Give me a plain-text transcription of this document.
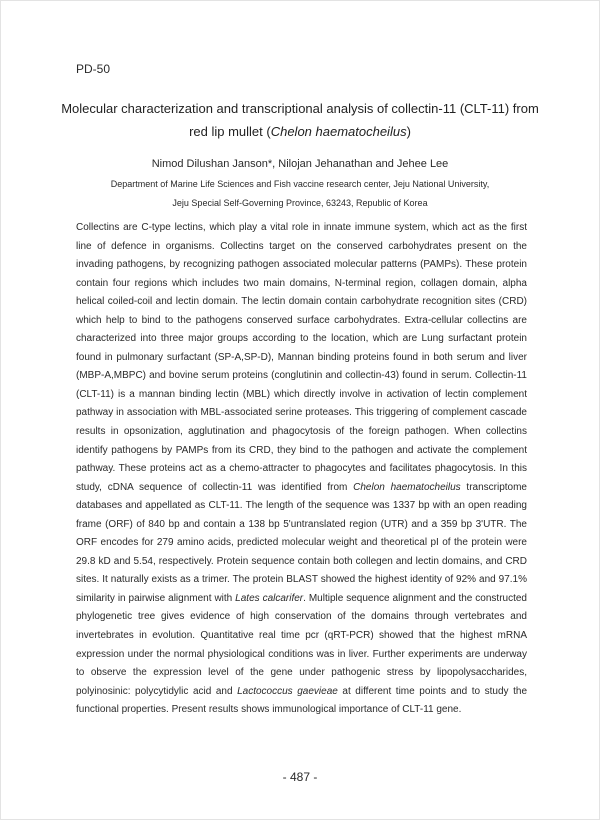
PD-50
Molecular characterization and transcriptional analysis of collectin-11 (CLT-11) from
red lip mullet (Chelon haematocheilus)
Nimod Dilushan Janson*, Nilojan Jehanathan and Jehee Lee
Department of Marine Life Sciences and Fish vaccine research center, Jeju National University,
Jeju Special Self-Governing Province, 63243, Republic of Korea
Collectins are C-type lectins, which play a vital role in innate immune system, which act as the first line of defence in organisms. Collectins target on the conserved carbohydrates present on the invading pathogens, by recognizing pathogen associated molecular patterns (PAMPs). These protein contain four regions which includes two main domains, N-terminal region, collagen domain, alpha helical coiled-coil and lectin domain. The lectin domain contain carbohydrate recognition sites (CRD) which help to bind to the pathogens conserved surface carbohydrates. Extra-cellular collectins are characterized into three major groups according to the location, which are Lung surfactant protein found in pulmonary surfactant (SP-A,SP-D), Mannan binding proteins found in both serum and liver (MBP-A,MBPC) and bovine serum proteins (conglutinin and collectin-43) found in serum. Collectin-11 (CLT-11) is a mannan binding lectin (MBL) which directly involve in activation of lectin complement pathway in association with MBL-associated serine proteases. This triggering of complement cascade results in opsonization, agglutination and phagocytosis of the foreign pathogen. When collectins identify pathogens by PAMPs from its CRD, they bind to the pathogen and activate the complement pathway. These proteins act as a chemo-attracter to phagocytes and facilitates phagocytosis. In this study, cDNA sequence of collectin-11 was identified from Chelon haematocheilus transcriptome databases and appellated as CLT-11. The length of the sequence was 1337 bp with an open reading frame (ORF) of 840 bp and contain a 138 bp 5'untranslated region (UTR) and a 359 bp 3'UTR. The ORF encodes for 279 amino acids, predicted molecular weight and theoretical pI of the protein were 29.8 kD and 5.54, respectively. Protein sequence contain both collegen and lectin domains, and CRD sites. It naturally exists as a trimer. The protein BLAST showed the highest identity of 92% and 97.1% similarity in pairwise alignment with Lates calcarifer. Multiple sequence alignment and the constructed phylogenetic tree gives evidence of high conservation of the domains through vertebrates and invertebrates in evolution. Quantitative real time pcr (qRT-PCR) showed that the highest mRNA expression under the normal physiological conditions was in liver. Further experiments are underway to observe the expression level of the gene under pathogenic stress by lipopolysaccharides, polyinosinic: polycytidylic acid and Lactococcus gaevieae at different time points and to study the functional properties. Present results shows immunological importance of CLT-11 gene.
- 487 -
